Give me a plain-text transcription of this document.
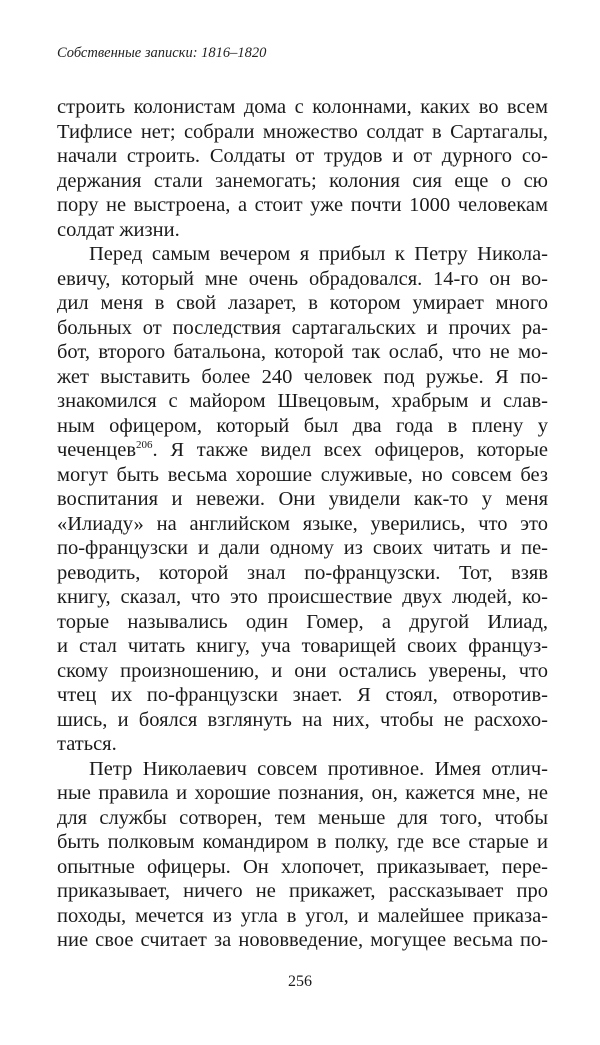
Собственные записки: 1816–1820
строить колонистам дома с колоннами, каких во всем
Тифлисе нет; собрали множество солдат в Сартагалы,
начали строить. Солдаты от трудов и от дурного со-
держания стали занемогать; колония сия еще о сю
пору не выстроена, а стоит уже почти 1000 человекам
солдат жизни.
Перед самым вечером я прибыл к Петру Никола-
евичу, который мне очень обрадовался. 14-го он во-
дил меня в свой лазарет, в котором умирает много
больных от последствия сартагальских и прочих ра-
бот, второго батальона, которой так ослаб, что не мо-
жет выставить более 240 человек под ружье. Я по-
знакомился с майором Швецовым, храбрым и слав-
ным офицером, который был два года в плену у
чеченцев$^{206}$. Я также видел всех офицеров, которые
могут быть весьма хорошие служивые, но совсем без
воспитания и невежи. Они увидели как-то у меня
«Илиаду» на английском языке, уверились, что это
по-французски и дали одному из своих читать и пе-
реводить, которой знал по-французски. Тот, взяв
книгу, сказал, что это происшествие двух людей, ко-
торые назывались один Гомер, а другой Илиад,
и стал читать книгу, уча товарищей своих француз-
скому произношению, и они остались уверены, что
чтец их по-французски знает. Я стоял, отворотив-
шись, и боялся взглянуть на них, чтобы не расхохо-
таться.
Петр Николаевич совсем противное. Имея отлич-
ные правила и хорошие познания, он, кажется мне, не
для службы сотворен, тем меньше для того, чтобы
быть полковым командиром в полку, где все старые и
опытные офицеры. Он хлопочет, приказывает, пере-
приказывает, ничего не прикажет, рассказывает про
походы, мечется из угла в угол, и малейшее приказа-
ние свое считает за нововведение, могущее весьма по-
256
